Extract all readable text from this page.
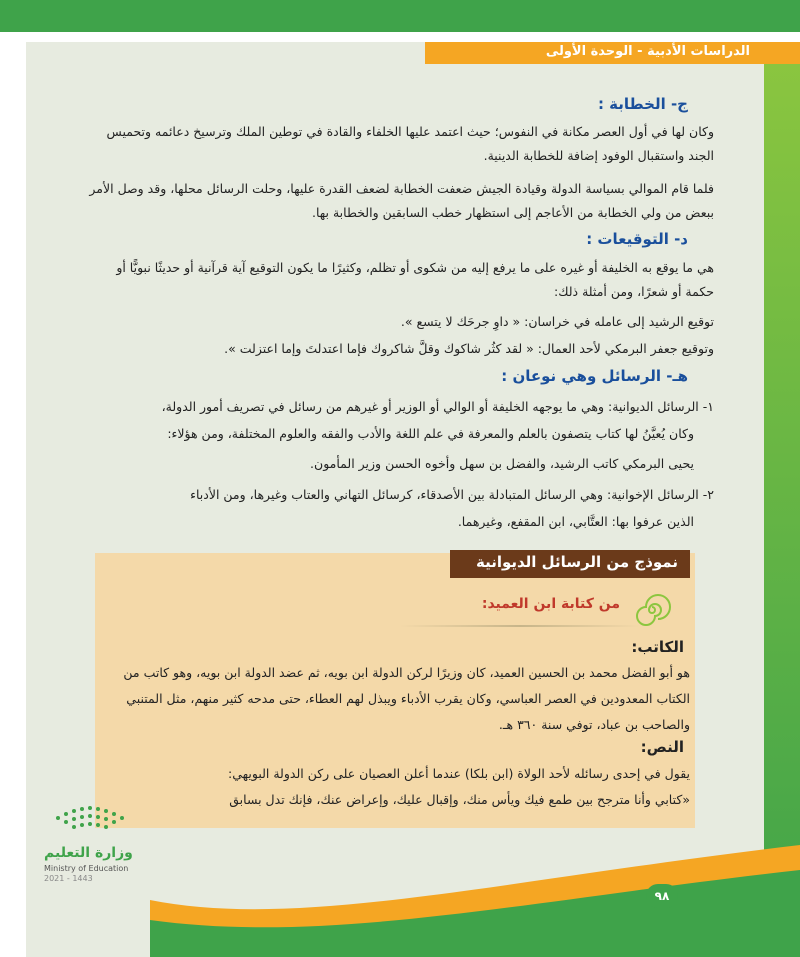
الدراسات الأدبية - الوحدة الأولى
ج- الخطابة :
وكان لها في أول العصر مكانة في النفوس؛ حيث اعتمد عليها الخلفاء والقادة في توطين الملك وترسيخ دعائمه وتحميس الجند واستقبال الوفود إضافة للخطابة الدينية.
فلما قام الموالي بسياسة الدولة وقيادة الجيش ضعفت الخطابة لضعف القدرة عليها، وحلت الرسائل محلها، وقد وصل الأمر ببعض من ولي الخطابة من الأعاجم إلى استظهار خطب السابقين والخطابة بها.
د- التوقيعات :
هي ما يوقع به الخليفة أو غيره على ما يرفع إليه من شكوى أو تظلم، وكثيرًا ما يكون التوقيع آية قرآنية أو حديثًا نبويًّا أو حكمة أو شعرًا، ومن أمثلة ذلك:
توقيع الرشيد إلى عامله في خراسان: « داوِ جرحَك لا يتسع ».
وتوقيع جعفر البرمكي لأحد العمال: « لقد كثُر شاكوك وقلَّ شاكروك فإما اعتدلتَ وإما اعتزلت ».
هـ- الرسائل وهي نوعان :
١- الرسائل الديوانية: وهي ما يوجهه الخليفة أو الوالي أو الوزير أو غيرهم من رسائل في تصريف أمور الدولة،
وكان يُعيَّنُ لها كتاب يتصفون بالعلم والمعرفة في علم اللغة والأدب والفقه والعلوم المختلفة، ومن هؤلاء:
يحيى البرمكي كاتب الرشيد، والفضل بن سهل وأخوه الحسن وزير المأمون.
٢- الرسائل الإخوانية: وهي الرسائل المتبادلة بين الأصدقاء، كرسائل التهاني والعتاب وغيرها، ومن الأدباء
الذين عرفوا بها: العتَّابي، ابن المقفع، وغيرهما.
نموذج من الرسائل الديوانية
من كتابة ابن العميد:
الكاتب:
هو أبو الفضل محمد بن الحسين العميد، كان وزيرًا لركن الدولة ابن بويه، ثم عضد الدولة ابن بويه، وهو كاتب من الكتاب المعدودين في العصر العباسي، وكان يقرب الأدباء ويبذل لهم العطاء، حتى مدحه كثير منهم، مثل المتنبي والصاحب بن عباد، توفي سنة ٣٦٠ هـ.
النص:
يقول في إحدى رسائله لأحد الولاة (ابن بلكا) عندما أعلن العصيان على ركن الدولة البويهي:
«كتابي وأنا مترجح بين طمع فيك ويأس منك، وإقبال عليك، وإعراض عنك، فإنك تدل بسابق
وزارة التعليم
Ministry of Education
2021 - 1443
٩٨
